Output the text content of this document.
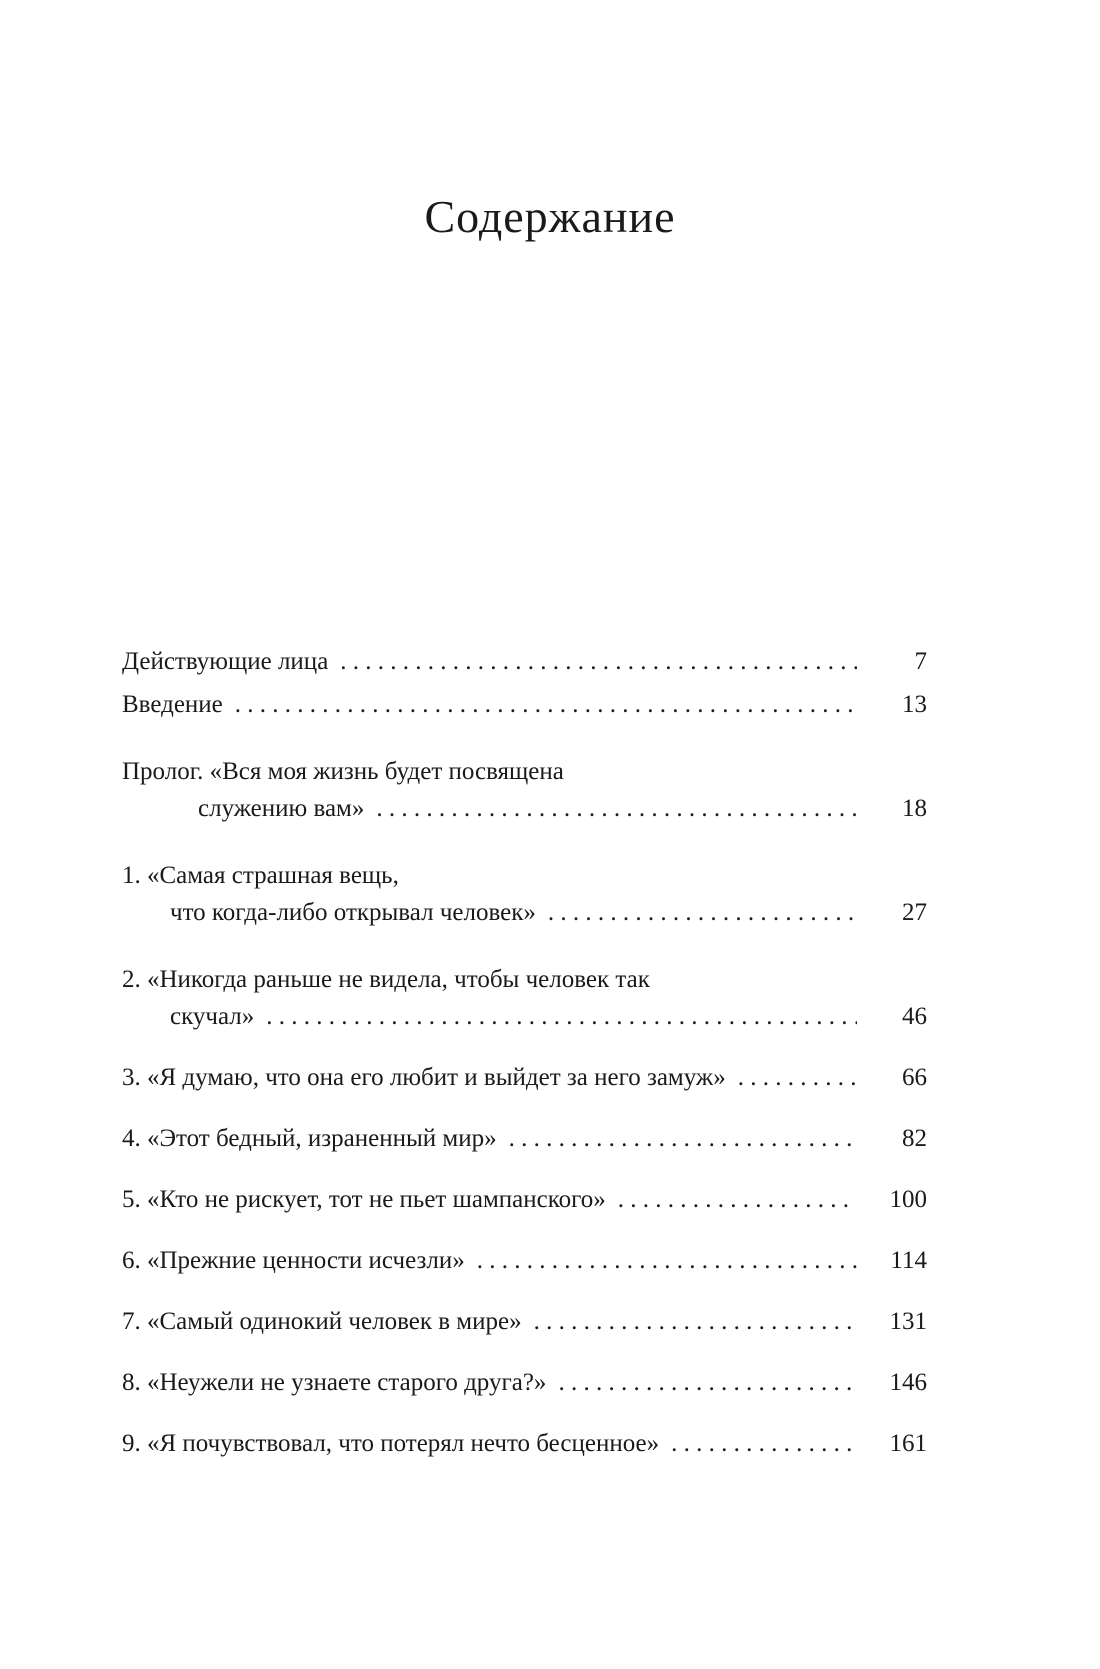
Содержание
Действующие лица . . .	7
Введение . . .	13
Пролог. «Вся моя жизнь будет посвящена
служению вам» . . .	18
1. «Самая страшная вещь,
что когда-либо открывал человек» . . .	27
2. «Никогда раньше не видела, чтобы человек так
скучал» . . .	46
3. «Я думаю, что она его любит и выйдет за него замуж» . . .	66
4. «Этот бедный, израненный мир» . . .	82
5. «Кто не рискует, тот не пьет шампанского» . . .	100
6. «Прежние ценности исчезли» . . .	114
7. «Самый одинокий человек в мире» . . .	131
8. «Неужели не узнаете старого друга?» . . .	146
9. «Я почувствовал, что потерял нечто бесценное» . . .	161
